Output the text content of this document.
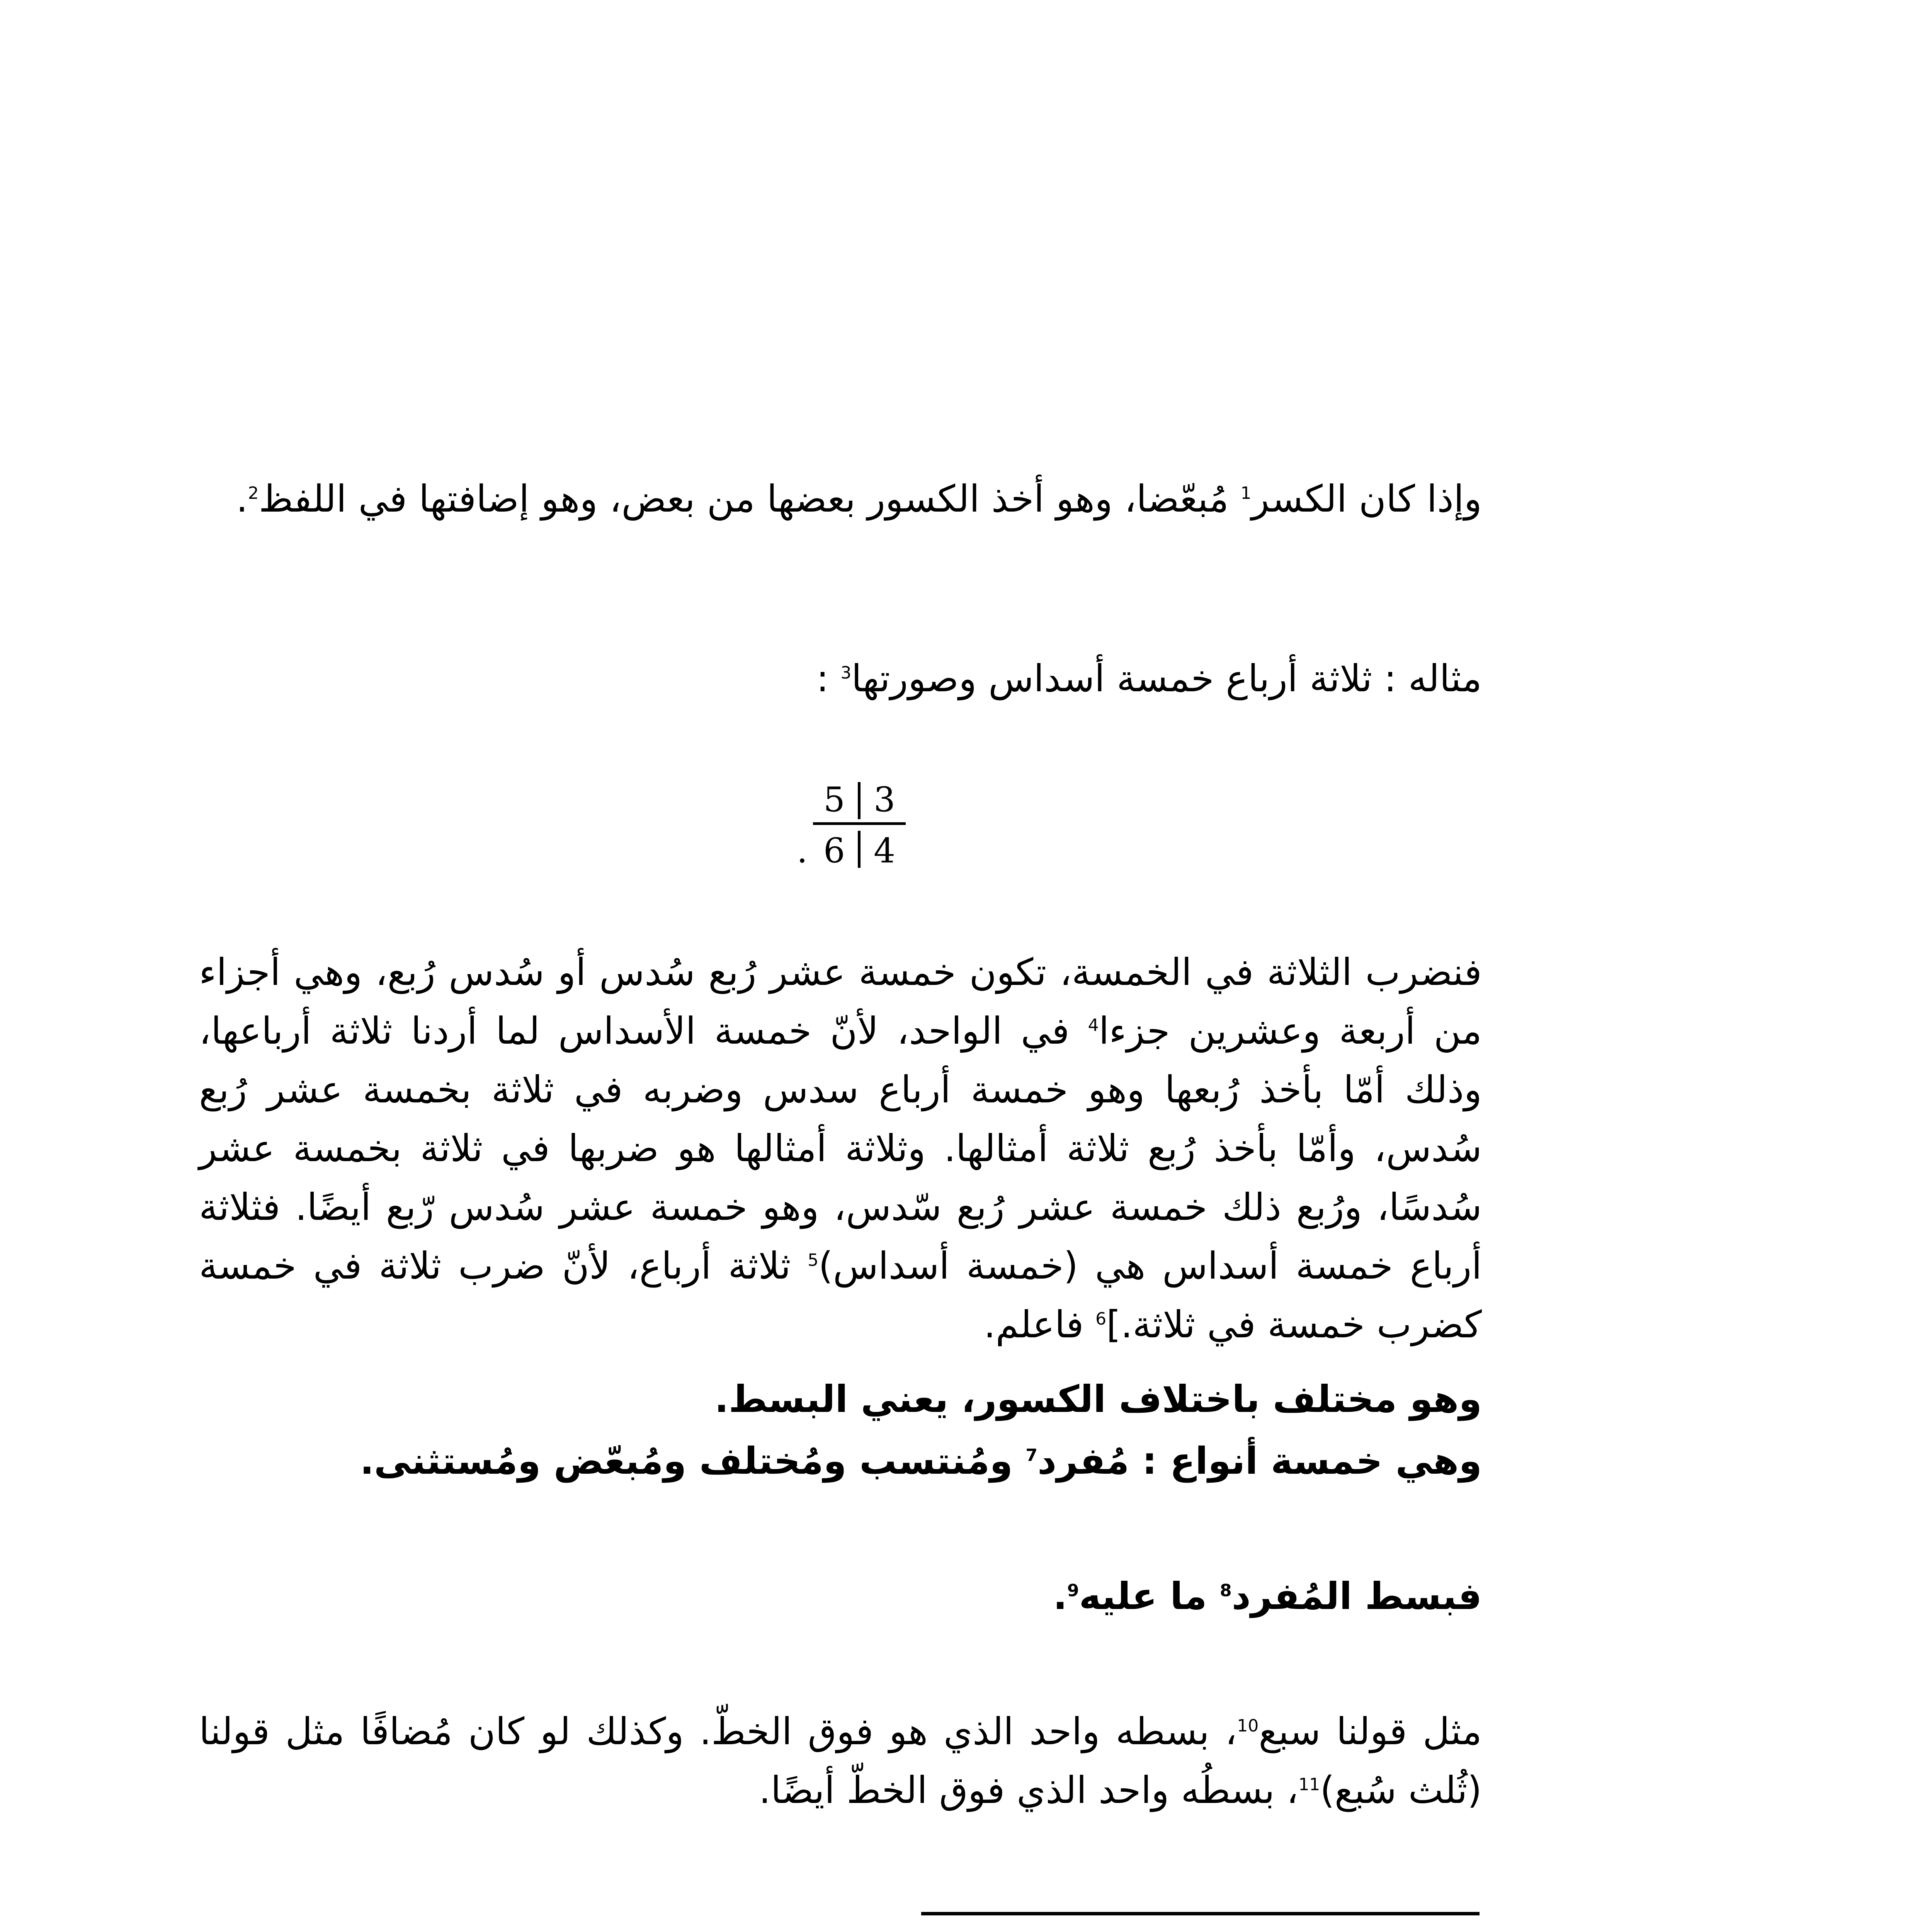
وإذا كان الكسر$^1$ مُبعّضا، وهو أخذ الكسور بعضها من بعض، وهو إضافتها في اللفظ$^2$.

مثاله : ثلاثة أرباع خمسة أسداس وصورتها$^3$ :

.
5 3
6 4

فنضرب الثلاثة في الخمسة، تكون خمسة عشر رُبع سُدس أو سُدس رُبع، وهي أجزاء من أربعة وعشرين جزءا$^4$ في الواحد، لأنّ خمسة الأسداس لما أردنا ثلاثة أرباعها، وذلك أمّا بأخذ رُبعها وهو خمسة أرباع سدس وضربه في ثلاثة بخمسة عشر رُبع سُدس، وأمّا بأخذ رُبع ثلاثة أمثالها. وثلاثة أمثالها هو ضربها في ثلاثة بخمسة عشر سُدسًا، ورُبع ذلك خمسة عشر رُبع سّدس، وهو خمسة عشر سُدس رّبع أيضًا. فثلاثة أرباع خمسة أسداس هي (خمسة أسداس)$^5$ ثلاثة أرباع، لأنّ ضرب ثلاثة في خمسة كضرب خمسة في ثلاثة.]$^6$ فاعلم.

وهو مختلف باختلاف الكسور، يعني البسط.

وهي خمسة أنواع : مُفرد$^7$ ومُنتسب ومُختلف ومُبعّض ومُستثنى.

فبسط المُفرد$^8$ ما عليه$^9$.

مثل قولنا سبع$^{10}$، بسطه واحد الذي هو فوق الخطّ. وكذلك لو كان مُضافًا مثل قولنا (ثُلث سُبع)$^{11}$، بسطُه واحد الذي فوق الخطّ أيضًا.
